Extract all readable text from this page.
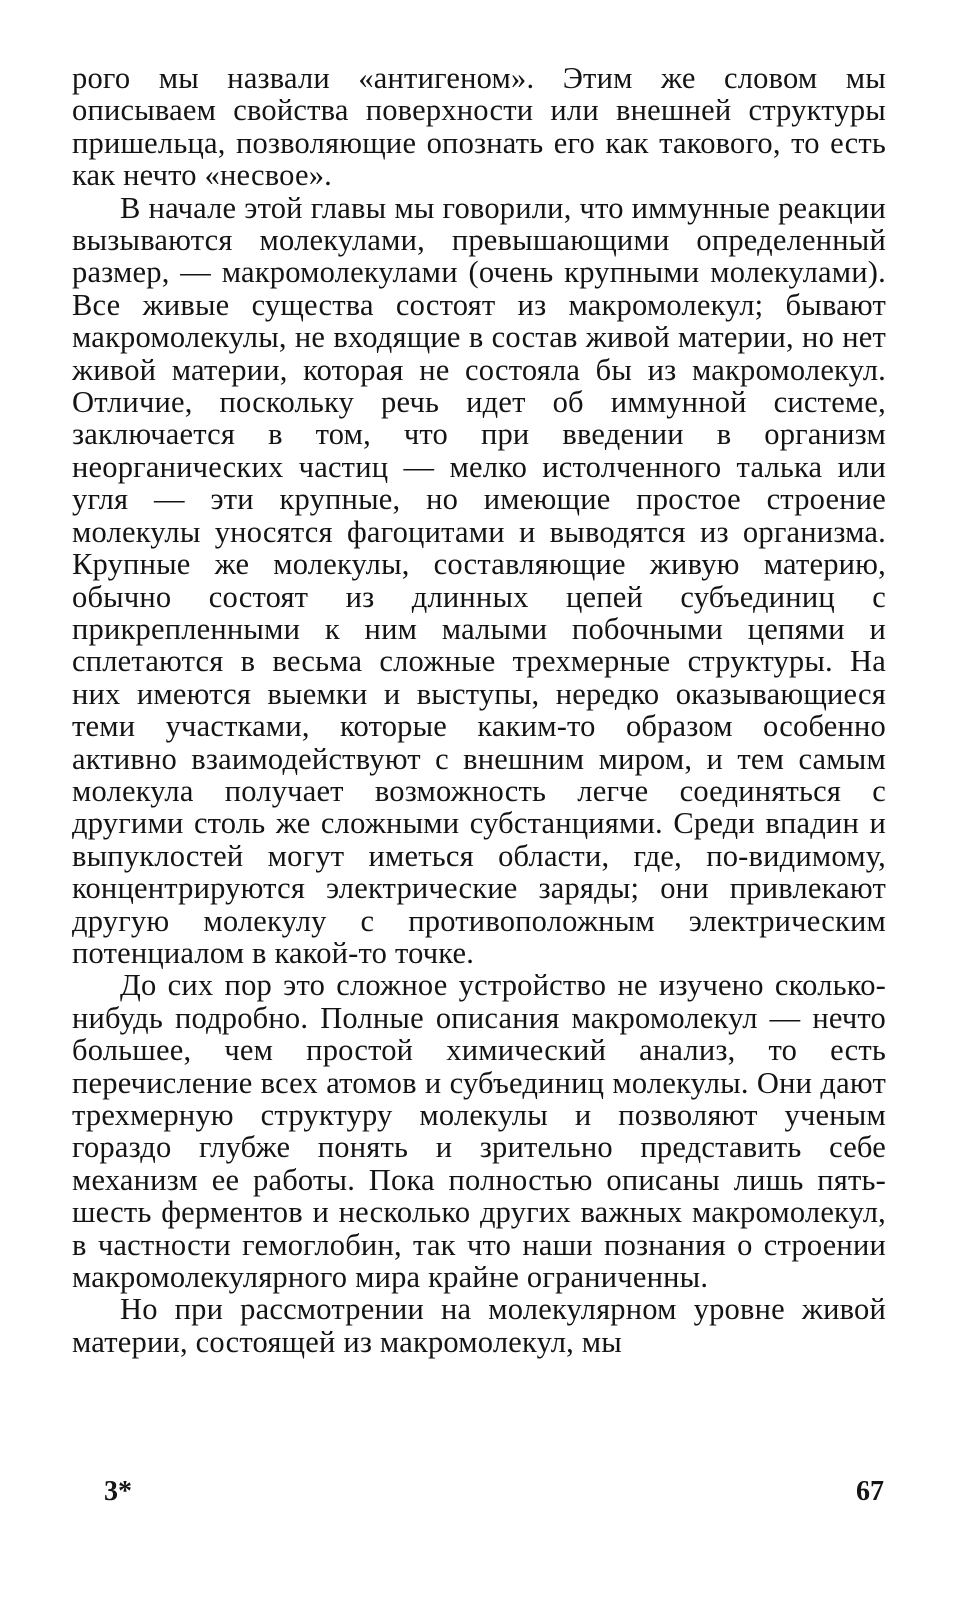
рого мы назвали «антигеном». Этим же словом мы описываем свойства поверхности или внешней структуры пришельца, позволяющие опознать его как такового, то есть как нечто «несвое».

В начале этой главы мы говорили, что иммунные реакции вызываются молекулами, превышающими определенный размер, — макромолекулами (очень крупными молекулами). Все живые существа состоят из макромолекул; бывают макромолекулы, не входящие в состав живой материи, но нет живой материи, которая не состояла бы из макромолекул. Отличие, поскольку речь идет об иммунной системе, заключается в том, что при введении в организм неорганических частиц — мелко истолченного талька или угля — эти крупные, но имеющие простое строение молекулы уносятся фагоцитами и выводятся из организма. Крупные же молекулы, составляющие живую материю, обычно состоят из длинных цепей субъединиц с прикрепленными к ним малыми побочными цепями и сплетаются в весьма сложные трехмерные структуры. На них имеются выемки и выступы, нередко оказывающиеся теми участками, которые каким-то образом особенно активно взаимодействуют с внешним миром, и тем самым молекула получает возможность легче соединяться с другими столь же сложными субстанциями. Среди впадин и выпуклостей могут иметься области, где, по-видимому, концентрируются электрические заряды; они привлекают другую молекулу с противоположным электрическим потенциалом в какой-то точке.

До сих пор это сложное устройство не изучено сколько-нибудь подробно. Полные описания макромолекул — нечто большее, чем простой химический анализ, то есть перечисление всех атомов и субъединиц молекулы. Они дают трехмерную структуру молекулы и позволяют ученым гораздо глубже понять и зрительно представить себе механизм ее работы. Пока полностью описаны лишь пять-шесть ферментов и несколько других важных макромолекул, в частности гемоглобин, так что наши познания о строении макромолекулярного мира крайне ограниченны.

Но при рассмотрении на молекулярном уровне живой материи, состоящей из макромолекул, мы

3*	67
